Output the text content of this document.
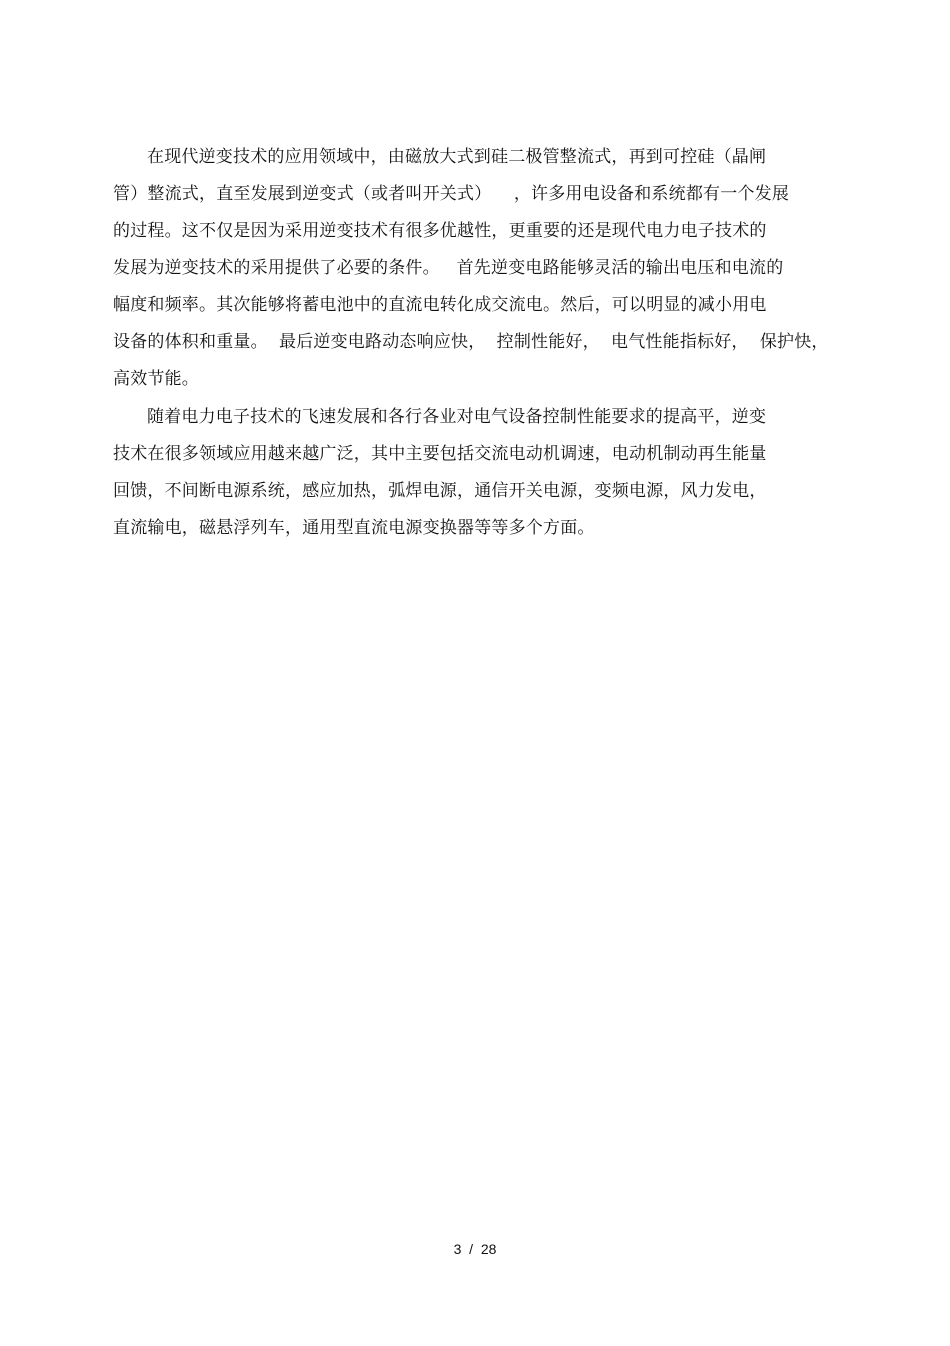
在现代逆变技术的应用领域中，由磁放大式到硅二极管整流式，再到可控硅（晶闸
管）整流式，直至发展到逆变式（或者叫开关式）    ，许多用电设备和系统都有一个发展
的过程。这不仅是因为采用逆变技术有很多优越性，更重要的还是现代电力电子技术的
发展为逆变技术的采用提供了必要的条件。   首先逆变电路能够灵活的输出电压和电流的
幅度和频率。其次能够将蓄电池中的直流电转化成交流电。然后，可以明显的减小用电
设备的体积和重量。  最后逆变电路动态响应快，  控制性能好，  电气性能指标好，  保护快，
高效节能。
随着电力电子技术的飞速发展和各行各业对电气设备控制性能要求的提高平，逆变
技术在很多领域应用越来越广泛，其中主要包括交流电动机调速，电动机制动再生能量
回馈，不间断电源系统，感应加热，弧焊电源，通信开关电源，变频电源，风力发电，
直流输电，磁悬浮列车，通用型直流电源变换器等等多个方面。
3  /  28
